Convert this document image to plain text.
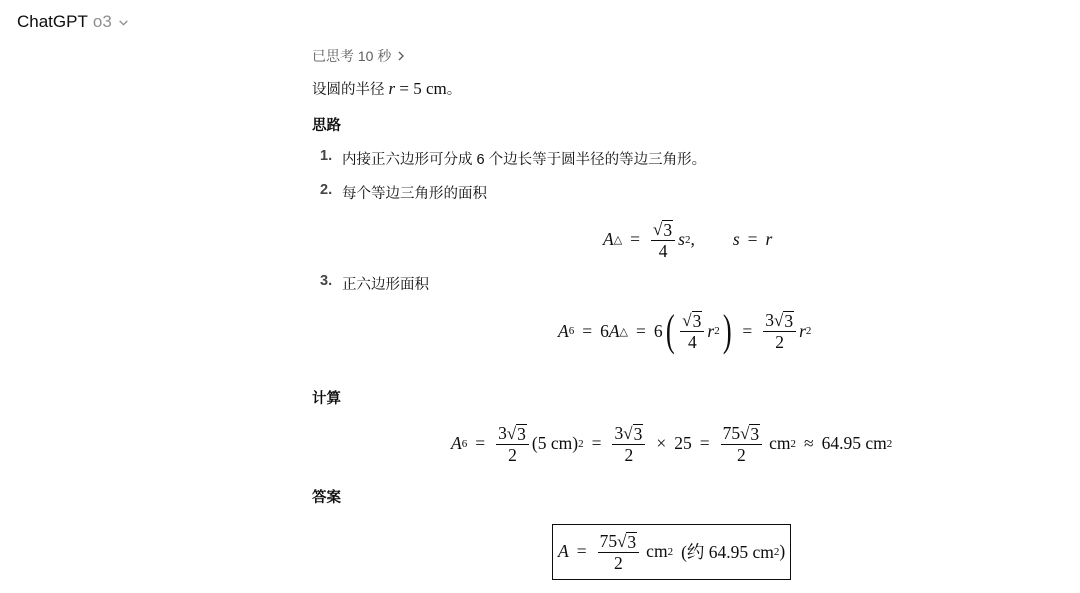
ChatGPT o3
已思考 10 秒
设圆的半径 r = 5 cm。
思路
1. 内接正六边形可分成 6 个边长等于圆半径的等边三角形。
2. 每个等边三角形的面积
A △ = $\frac{√ 3}{4}$ s 2 , s = r
3. 正六边形面积
A 6 = 6 A △ = 6 ( $\frac{√ 3}{4}$ r 2 ) = $\frac{3 √ 3}{2}$ r 2
计算
A $6 = \frac{3 √ 3}{2} (5$ cm) $2 = \frac{3 √ 3}{2} \times 25 = \frac{75 √ 3}{2}$ cm 2 ≈ 64.95 cm 2
答案
$A = \frac{75 √ 3}{2}$ cm 2 (约 64.95 cm 2 )
